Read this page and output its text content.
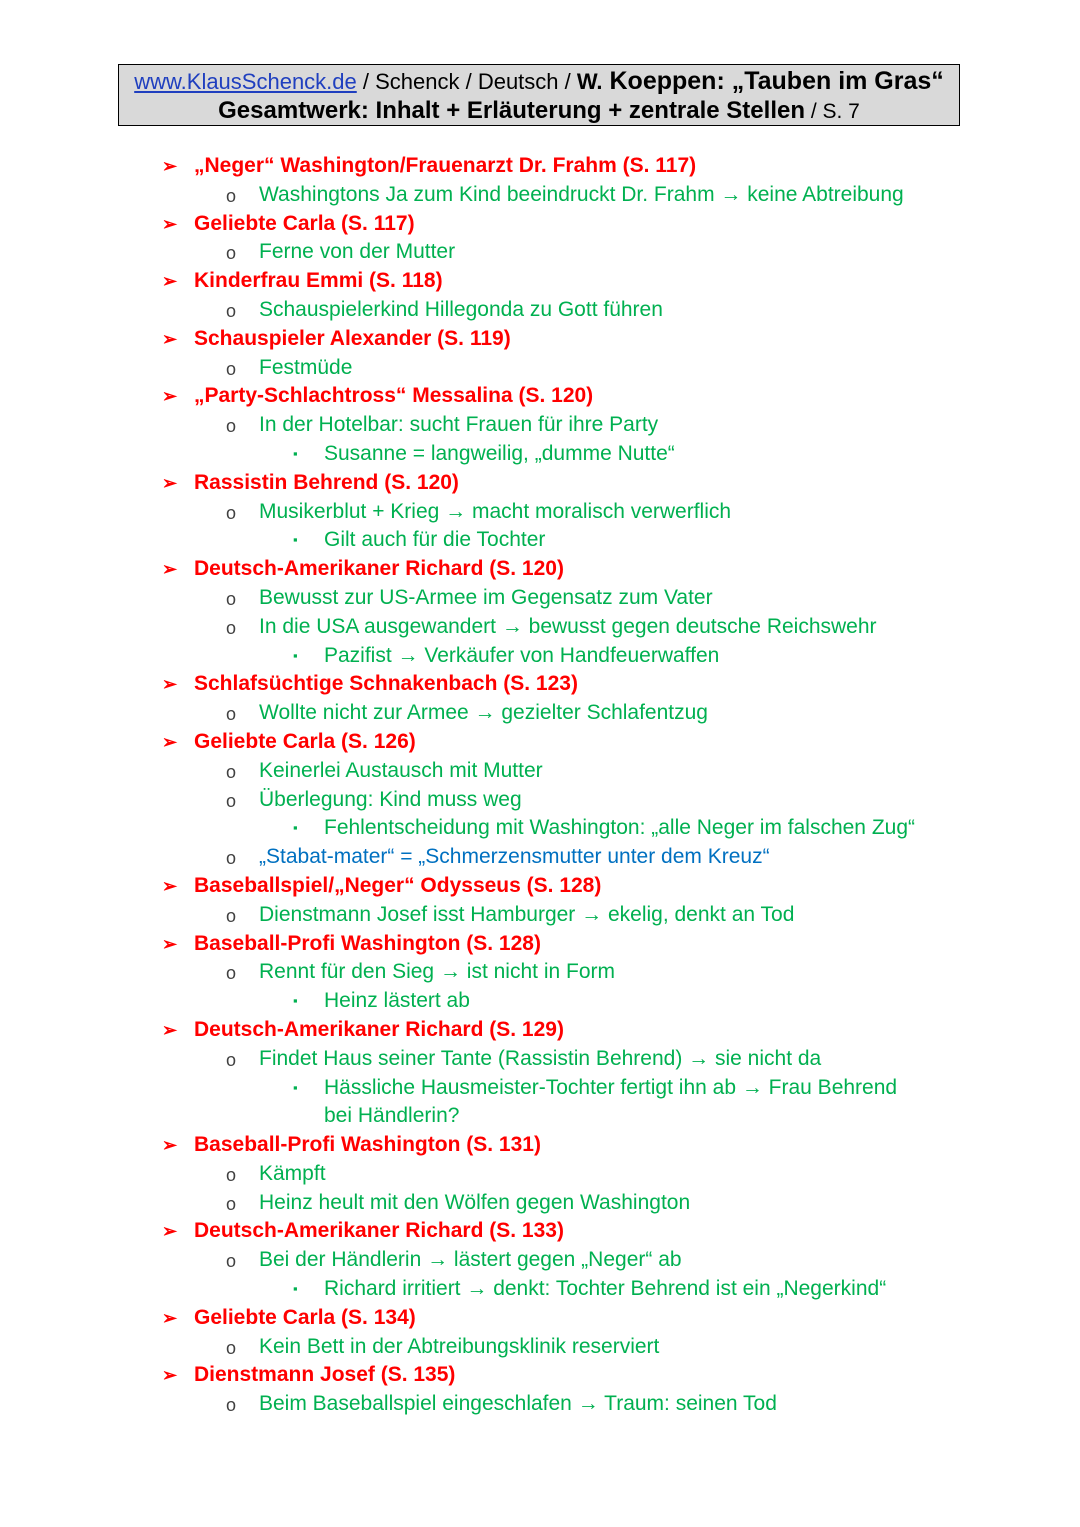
www.KlausSchenck.de / Schenck / Deutsch / W. Koeppen: „Tauben im Gras“
Gesamtwerk: Inhalt + Erläuterung + zentrale Stellen / S. 7
➢ „Neger“ Washington/Frauenarzt Dr. Frahm (S. 117)
o Washingtons Ja zum Kind beeindruckt Dr. Frahm → keine Abtreibung
➢ Geliebte Carla (S. 117)
o Ferne von der Mutter
➢ Kinderfrau Emmi (S. 118)
o Schauspielerkind Hillegonda zu Gott führen
➢ Schauspieler Alexander (S. 119)
o Festmüde
➢ „Party-Schlachtross“ Messalina (S. 120)
o In der Hotelbar: sucht Frauen für ihre Party
▪ Susanne = langweilig, „dumme Nutte“
➢ Rassistin Behrend (S. 120)
o Musikerblut + Krieg → macht moralisch verwerflich
▪ Gilt auch für die Tochter
➢ Deutsch-Amerikaner Richard (S. 120)
o Bewusst zur US-Armee im Gegensatz zum Vater
o In die USA ausgewandert → bewusst gegen deutsche Reichswehr
▪ Pazifist → Verkäufer von Handfeuerwaffen
➢ Schlafsüchtige Schnakenbach (S. 123)
o Wollte nicht zur Armee → gezielter Schlafentzug
➢ Geliebte Carla (S. 126)
o Keinerlei Austausch mit Mutter
o Überlegung: Kind muss weg
▪ Fehlentscheidung mit Washington: „alle Neger im falschen Zug“
o „Stabat-mater“ = „Schmerzensmutter unter dem Kreuz“
➢ Baseballspiel/„Neger“ Odysseus (S. 128)
o Dienstmann Josef isst Hamburger → ekelig, denkt an Tod
➢ Baseball-Profi Washington (S. 128)
o Rennt für den Sieg → ist nicht in Form
▪ Heinz lästert ab
➢ Deutsch-Amerikaner Richard (S. 129)
o Findet Haus seiner Tante (Rassistin Behrend) → sie nicht da
▪ Hässliche Hausmeister-Tochter fertigt ihn ab → Frau Behrend
bei Händlerin?
➢ Baseball-Profi Washington (S. 131)
o Kämpft
o Heinz heult mit den Wölfen gegen Washington
➢ Deutsch-Amerikaner Richard (S. 133)
o Bei der Händlerin → lästert gegen „Neger“ ab
▪ Richard irritiert → denkt: Tochter Behrend ist ein „Negerkind“
➢ Geliebte Carla (S. 134)
o Kein Bett in der Abtreibungsklinik reserviert
➢ Dienstmann Josef (S. 135)
o Beim Baseballspiel eingeschlafen → Traum: seinen Tod
